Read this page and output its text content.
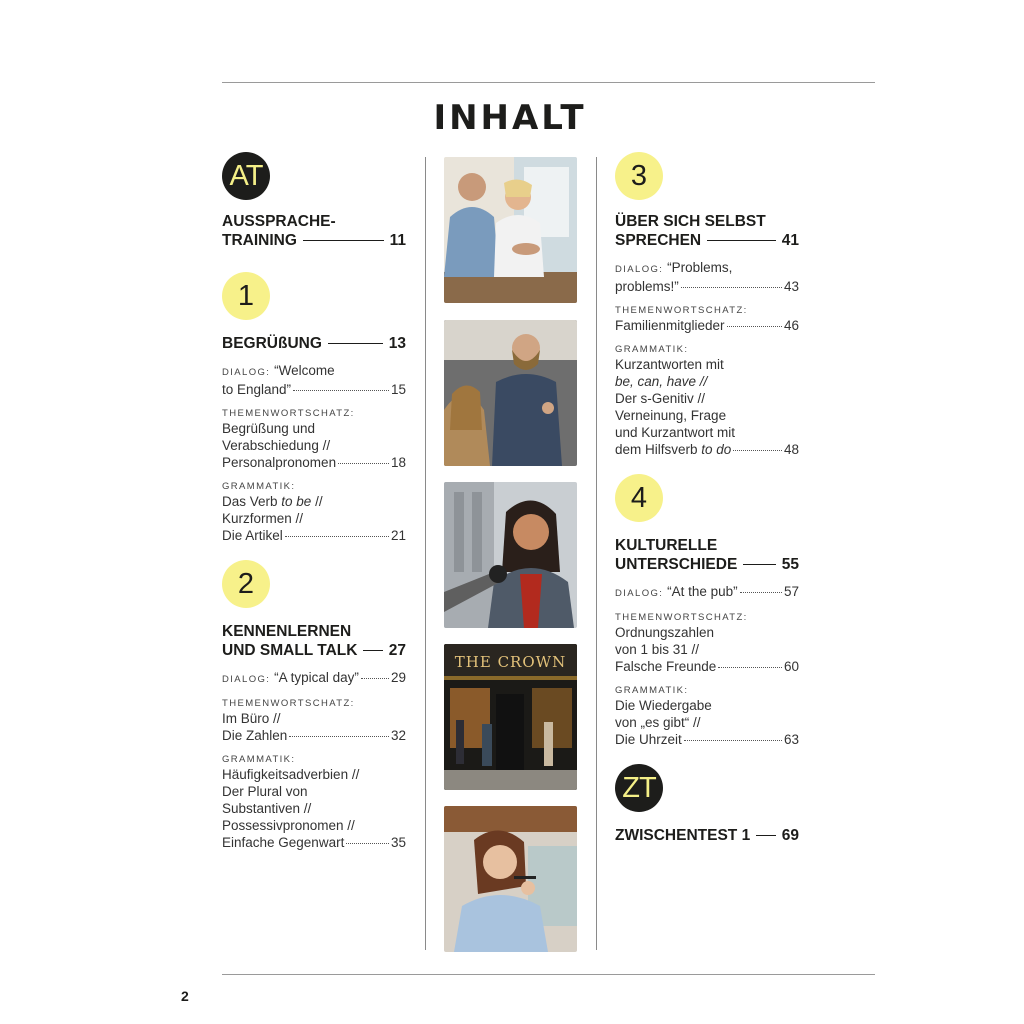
INHALT
AT
AUSSPRACHE-
TRAINING	11
1
BEGRÜßUNG	13
DIALOG: “Welcome
to England”	15
THEMENWORTSCHATZ:
Begrüßung und
Verabschiedung //
Personalpronomen	18
GRAMMATIK:
Das Verb to be //
Kurzformen //
Die Artikel	21
2
KENNENLERNEN
UND SMALL TALK 27
DIALOG: “A typical day” 29
THEMENWORTSCHATZ:
Im Büro //
Die Zahlen	32
GRAMMATIK:
Häufigkeitsadverbien //
Der Plural von
Substantiven //
Possessivpronomen //
Einfache Gegenwart	35
THE CROWN
3
ÜBER SICH SELBST
SPRECHEN	41
DIALOG: “Problems,
problems!”	43
THEMENWORTSCHATZ:
Familienmitglieder	46
GRAMMATIK:
Kurzantworten mit
be, can, have //
Der s-Genitiv //
Verneinung, Frage
und Kurzantwort mit
dem Hilfsverb to do	48
4
KULTURELLE
UNTERSCHIEDE	55
DIALOG: “At the pub”	57
THEMENWORTSCHATZ:
Ordnungszahlen
von 1 bis 31 //
Falsche Freunde	60
GRAMMATIK:
Die Wiedergabe
von „es gibt“ //
Die Uhrzeit	63
ZT
ZWISCHENTEST 1 69
2
